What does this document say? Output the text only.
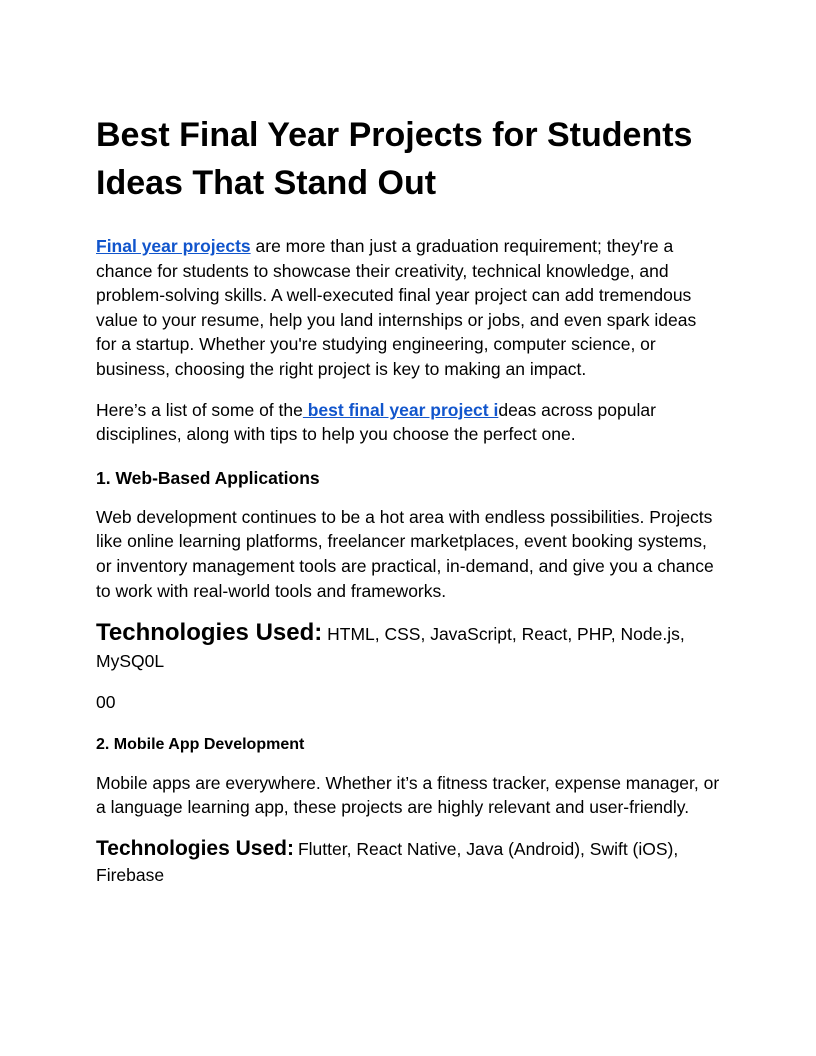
Best Final Year Projects for Students Ideas That Stand Out

Final year projects are more than just a graduation requirement; they're a chance for students to showcase their creativity, technical knowledge, and problem-solving skills. A well-executed final year project can add tremendous value to your resume, help you land internships or jobs, and even spark ideas for a startup. Whether you're studying engineering, computer science, or business, choosing the right project is key to making an impact.

Here’s a list of some of the best final year project ideas across popular disciplines, along with tips to help you choose the perfect one.

1. Web-Based Applications

Web development continues to be a hot area with endless possibilities. Projects like online learning platforms, freelancer marketplaces, event booking systems, or inventory management tools are practical, in-demand, and give you a chance to work with real-world tools and frameworks.

Technologies Used: HTML, CSS, JavaScript, React, PHP, Node.js, MySQ0L

00

2. Mobile App Development

Mobile apps are everywhere. Whether it’s a fitness tracker, expense manager, or a language learning app, these projects are highly relevant and user-friendly.

Technologies Used: Flutter, React Native, Java (Android), Swift (iOS), Firebase
